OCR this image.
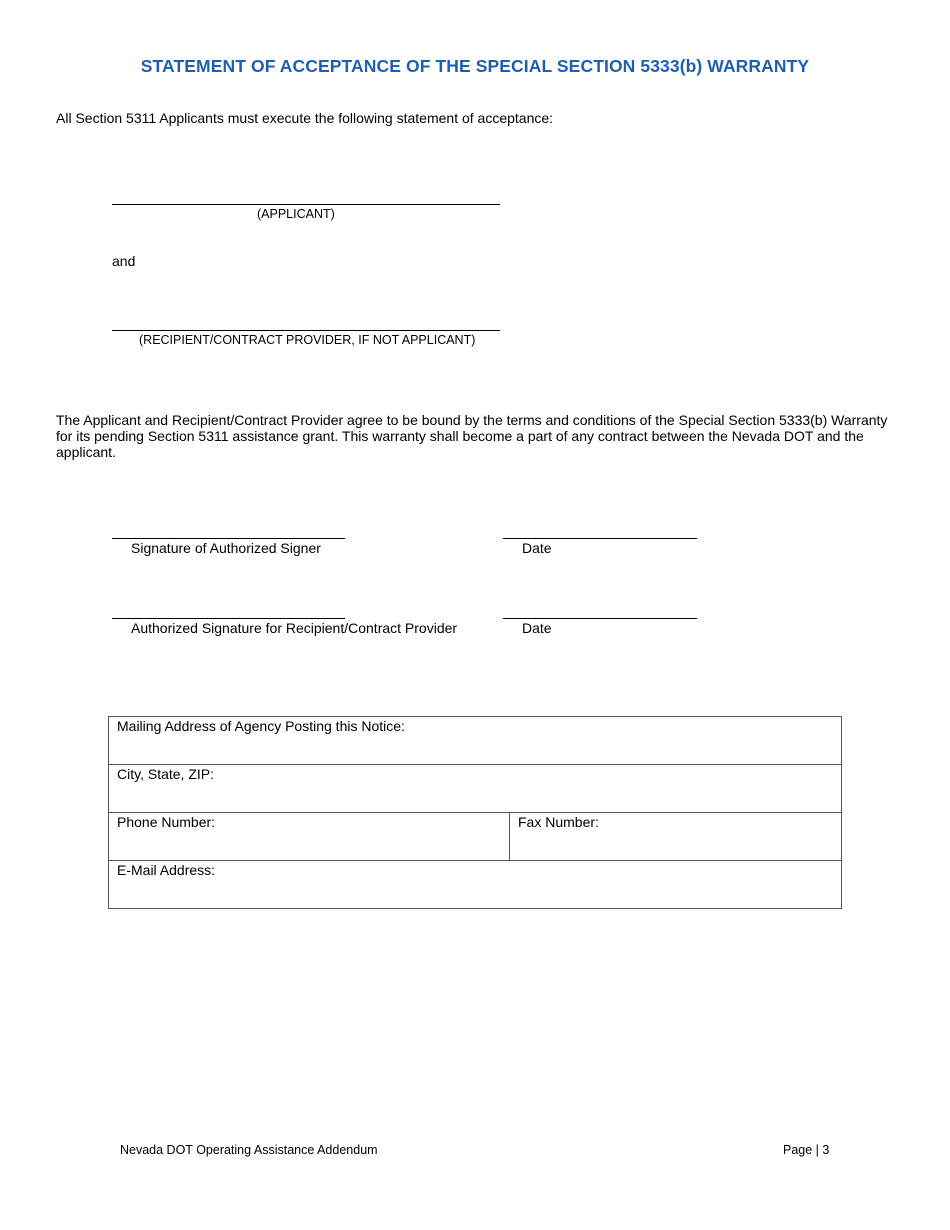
STATEMENT OF ACCEPTANCE OF THE SPECIAL SECTION 5333(b) WARRANTY
All Section 5311 Applicants must execute the following statement of acceptance:
(APPLICANT)
and
(RECIPIENT/CONTRACT PROVIDER, IF NOT APPLICANT)
The Applicant and Recipient/Contract Provider agree to be bound by the terms and conditions of the Special Section 5333(b) Warranty for its pending Section 5311 assistance grant. This warranty shall become a part of any contract between the Nevada DOT and the applicant.
Signature of Authorized Signer	Date
Authorized Signature for Recipient/Contract Provider	Date
Mailing Address of Agency Posting this Notice:
City, State, ZIP:
Phone Number:	Fax Number:
E-Mail Address:
Nevada DOT Operating Assistance Addendum	Page | 3
